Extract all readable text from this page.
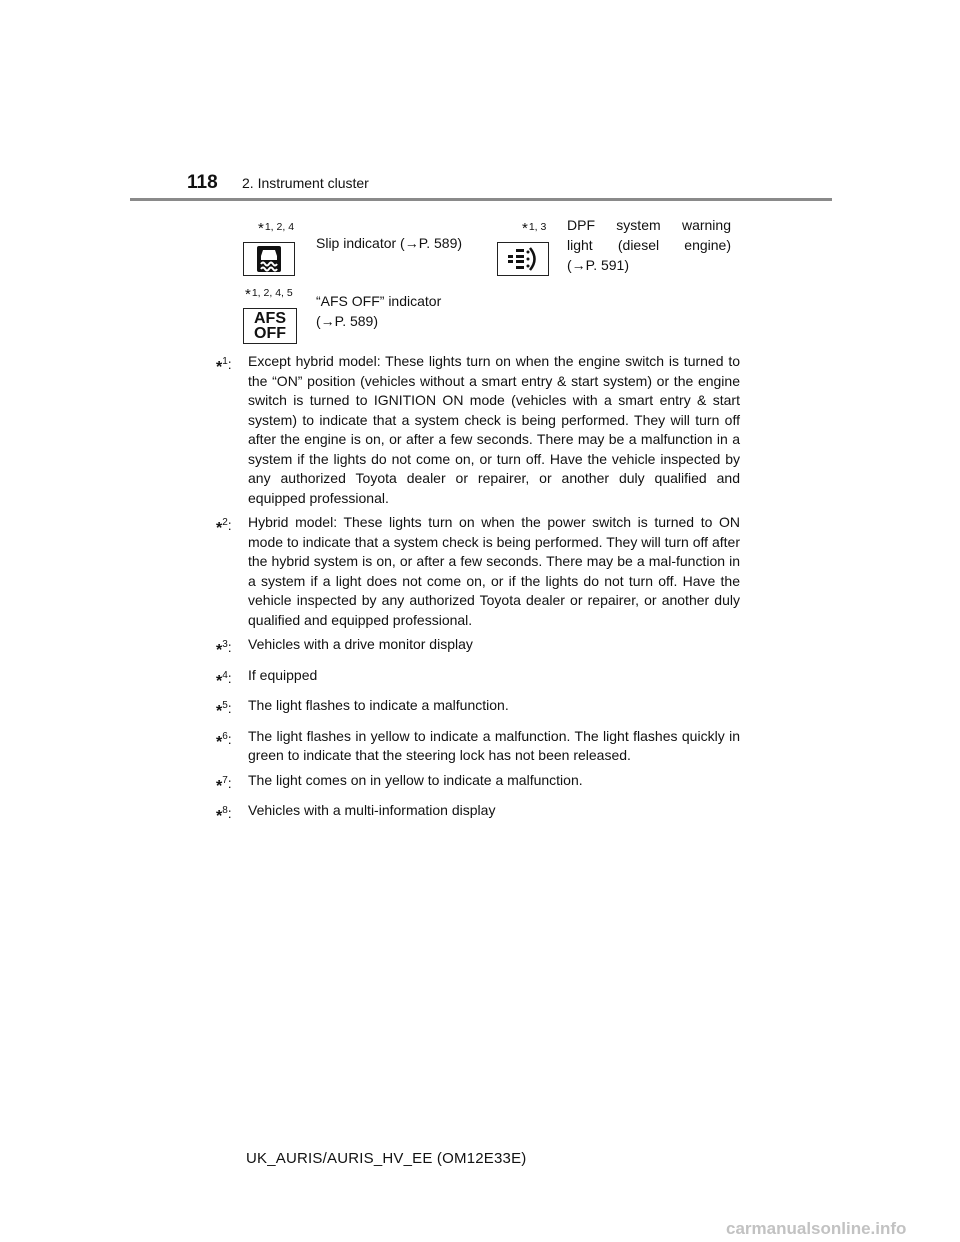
118 2. Instrument cluster
*1, 2, 4
Slip indicator (→P. 589)
*1, 3 DPF system warning
light (diesel engine)
(→P. 591)
*1, 2, 4, 5
AFS
OFF
“AFS OFF” indicator
(→P. 589)
*$^1$:	Except hybrid model: These lights turn on when the engine switch is turned to the “ON” position (vehicles without a smart entry & start system) or the engine switch is turned to IGNITION ON mode (vehicles with a smart entry & start system) to indicate that a system check is being performed. They will turn off after the engine is on, or after a few seconds. There may be a malfunction in a system if the lights do not come on, or turn off. Have the vehicle inspected by any authorized Toyota dealer or repairer, or another duly qualified and equipped professional.
*$^2$:	Hybrid model: These lights turn on when the power switch is turned to ON mode to indicate that a system check is being performed. They will turn off after the hybrid system is on, or after a few seconds. There may be a mal-function in a system if a light does not come on, or if the lights do not turn off. Have the vehicle inspected by any authorized Toyota dealer or repairer, or another duly qualified and equipped professional.
*$^3$:	Vehicles with a drive monitor display
*$^4$:	If equipped
*$^5$:	The light flashes to indicate a malfunction.
*$^6$:	The light flashes in yellow to indicate a malfunction. The light flashes quickly in green to indicate that the steering lock has not been released.
*$^7$:	The light comes on in yellow to indicate a malfunction.
*$^8$:	Vehicles with a multi-information display
UK_AURIS/AURIS_HV_EE (OM12E33E)
carmanualsonline.info
